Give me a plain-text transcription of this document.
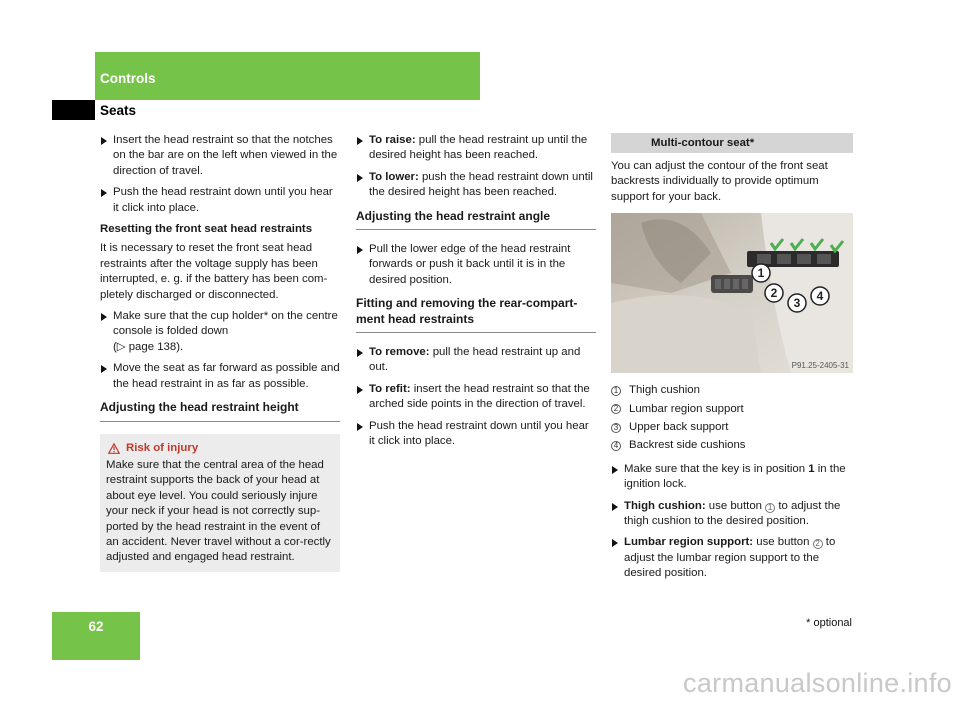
Controls
Seats
Insert the head restraint so that the notches on the bar are on the left when viewed in the direction of travel.
Push the head restraint down until you hear it click into place.
Resetting the front seat head restraints
It is necessary to reset the front seat head restraints after the voltage supply has been interrupted, e. g. if the battery has been com-pletely discharged or disconnected.
Make sure that the cup holder* on the centre console is folded down
(▷ page 138).
Move the seat as far forward as possible and the head restraint in as far as possible.
Adjusting the head restraint height
Risk of injury
Make sure that the central area of the head restraint supports the back of your head at about eye level. You could seriously injure your neck if your head is not correctly sup-ported by the head restraint in the event of an accident. Never travel without a cor-rectly adjusted and engaged head restraint.
To raise: pull the head restraint up until the desired height has been reached.
To lower: push the head restraint down until the desired height has been reached.
Adjusting the head restraint angle
Pull the lower edge of the head restraint forwards or push it back until it is in the desired position.
Fitting and removing the rear-compart-ment head restraints
To remove: pull the head restraint up and out.
To refit: insert the head restraint so that the arched side points in the direction of travel.
Push the head restraint down until you hear it click into place.
Multi-contour seat*
You can adjust the contour of the front seat backrests individually to provide optimum support for your back.
1
2
3 4
P91.25-2405-31
1 Thigh cushion
2 Lumbar region support
3 Upper back support
4 Backrest side cushions
Make sure that the key is in position 1 in the ignition lock.
Thigh cushion: use button 1 to adjust the thigh cushion to the desired position.
Lumbar region support: use button 2 to adjust the lumbar region support to the desired position.
62	* optional
carmanualsonline.info
